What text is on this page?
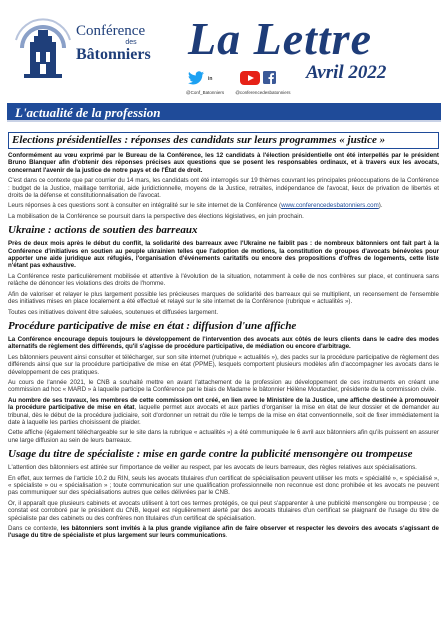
Conférence
des
Bâtonniers La Lettre
in	Avril 2022
@Conf_Batonniers	@conferencedesbatonniers
L'actualité de la profession
Elections présidentielles : réponses des candidats sur leurs programmes « justice »
Conformément au vœu exprimé par le Bureau de la Conférence, les 12 candidats à l'élection présidentielle ont été interpellés par le président Bruno Blanquer afin d'obtenir des réponses précises aux questions que se posent les responsables ordinaux, et à travers eux les avocats, concernant l'avenir de la justice de notre pays et de l'État de droit.
C'est dans ce contexte que par courrier du 14 mars, les candidats ont été interrogés sur 19 thèmes couvrant les principales préoccupations de la Conférence : budget de la Justice, maillage territorial, aide juridictionnelle, moyens de la Justice, retraites, indépendance de l'avocat, lieux de privation de libertés et droits de la défense et constitutionnalisation de l'avocat.
Leurs réponses à ces questions sont à consulter en intégralité sur le site internet de la Conférence (www.conferencedesbatonniers.com).
La mobilisation de la Conférence se poursuit dans la perspective des élections législatives, en juin prochain.
Ukraine : actions de soutien des barreaux
Près de deux mois après le début du conflit, la solidarité des barreaux avec l'Ukraine ne faiblit pas : de nombreux bâtonniers ont fait part à la Conférence d'initiatives en soutien au peuple ukrainien telles que l'adoption de motions, la constitution de groupes d'avocats bénévoles pour apporter une aide juridique aux réfugiés, l'organisation d'événements caritatifs ou encore des propositions d'offres de logements, cette liste n'étant pas exhaustive.
La Conférence reste particulièrement mobilisée et attentive à l'évolution de la situation, notamment à celle de nos confrères sur place, et continuera sans relâche de dénoncer les violations des droits de l'homme.
Afin de valoriser et relayer le plus largement possible les précieuses marques de solidarité des barreaux qui se multiplient, un recensement de l'ensemble des initiatives mises en place localement a été effectué et relayé sur le site internet de la Conférence (rubrique « actualités »).
Toutes ces initiatives doivent être saluées, soutenues et diffusées largement.
Procédure participative de mise en état : diffusion d'une affiche
La Conférence encourage depuis toujours le développement de l'intervention des avocats aux côtés de leurs clients dans le cadre des modes alternatifs de règlement des différends, qu'il s'agisse de procédure participative, de médiation ou encore d'arbitrage.
Les bâtonniers peuvent ainsi consulter et télécharger, sur son site internet (rubrique « actualités »), des packs sur la procédure participative de règlement des différends ainsi que sur la procédure participative de mise en état (PPME), lesquels comportent plusieurs modèles afin d'accompagner les avocats dans le développement de ces pratiques.
Au cours de l'année 2021, le CNB a souhaité mettre en avant l'attachement de la profession au développement de ces instruments en créant une commission ad hoc « MARD » à laquelle participe la Conférence par le biais de Madame le bâtonnier Hélène Moutardier, présidente de la commission civile.
Au nombre de ses travaux, les membres de cette commission ont créé, en lien avec le Ministère de la Justice, une affiche destinée à promouvoir la procédure participative de mise en état, laquelle permet aux avocats et aux parties d'organiser la mise en état de leur dossier et de demander au tribunal, dès le début de la procédure judiciaire, soit d'ordonner un retrait du rôle le temps de la mise en état conventionnelle, soit de fixer immédiatement la date à laquelle les parties choisissent de plaider.
Cette affiche (également téléchargeable sur le site dans la rubrique « actualités ») a été communiquée le 6 avril aux bâtonniers afin qu'ils puissent en assurer une large diffusion au sein de leurs barreaux.
Usage du titre de spécialiste : mise en garde contre la publicité mensongère ou trompeuse
L'attention des bâtonniers est attirée sur l'importance de veiller au respect, par les avocats de leurs barreaux, des règles relatives aux spécialisations.
En effet, aux termes de l'article 10.2 du RIN, seuls les avocats titulaires d'un certificat de spécialisation peuvent utiliser les mots « spécialité », « spécialisé », « spécialiste » ou « spécialisation » ; toute communication sur une qualification professionnelle non reconnue est donc prohibée et les avocats ne peuvent pas communiquer sur des spécialisations autres que celles délivrées par le CNB.
Or, il apparaît que plusieurs cabinets et avocats utilisent à tort ces termes protégés, ce qui peut s'apparenter à une publicité mensongère ou trompeuse ; ce constat est corroboré par le président du CNB, lequel est régulièrement alerté par des avocats titulaires d'un certificat se plaignant de l'usage du titre de spécialiste par des cabinets ou des confrères non titulaires d'un certificat de spécialisation.
Dans ce contexte, les bâtonniers sont invités à la plus grande vigilance afin de faire observer et respecter les devoirs des avocats s'agissant de l'usage du titre de spécialiste et plus largement sur leurs communications.
